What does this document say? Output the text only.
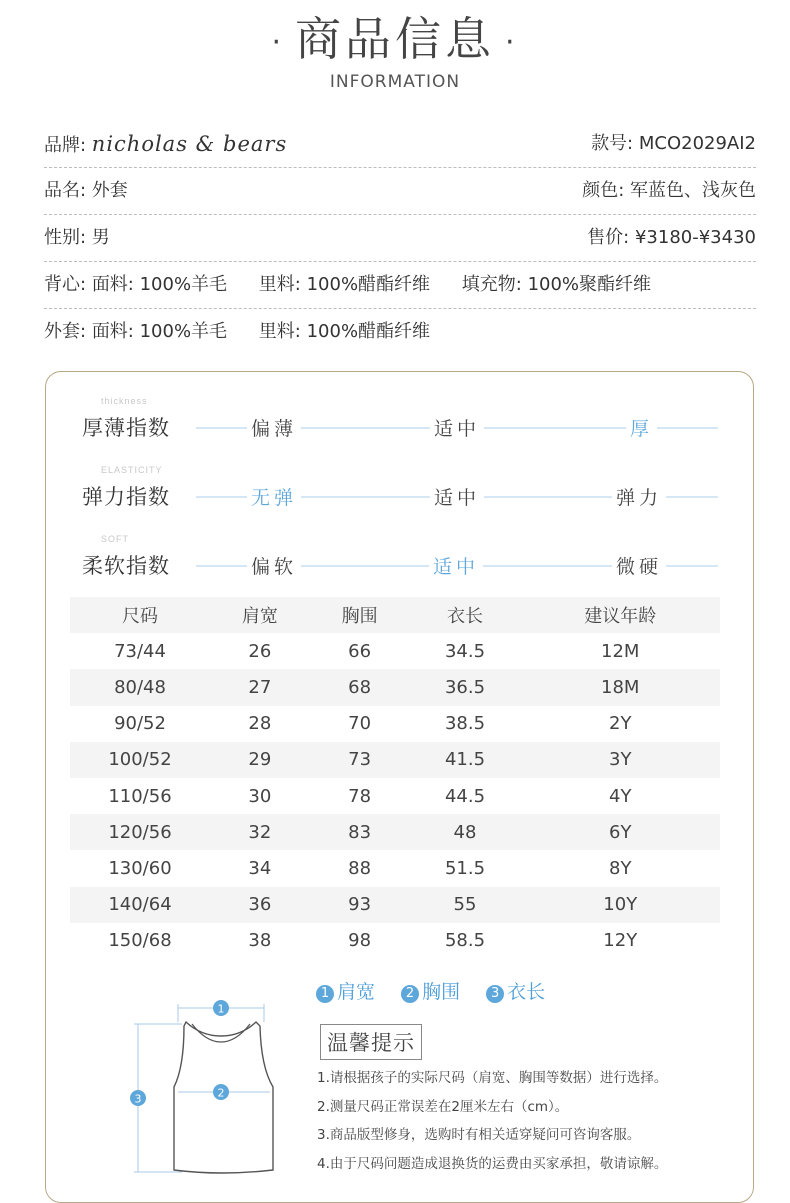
· 商品信息 ·
INFORMATION
品牌: nicholas & bears	款号: MCO2029AI2
品名: 外套	颜色: 军蓝色、浅灰色
性别: 男	售价: ¥3180-¥3430
背心: 面料: 100%羊毛 里料: 100%醋酯纤维 填充物: 100%聚酯纤维
外套: 面料: 100%羊毛 里料: 100%醋酯纤维
thickness
厚薄指数	偏薄	适中	厚
ELASTICITY
弹力指数	无弹	适中	弹力
SOFT
柔软指数	偏软	适中	微硬
尺码	肩宽	胸围	衣长	建议年龄
73/44	26	66	34.5	12M
80/48	27	68	36.5	18M
90/52	28	70	38.5	2Y
100/52	29	73	41.5	3Y
110/56	30	78	44.5	4Y
120/56	32	83	48	6Y
130/60	34	88	51.5	8Y
140/64	36	93	55	10Y
150/68	38	98	58.5	12Y
1 肩宽 2 胸围 3 衣长
1
2
3
温馨提示
1.请根据孩子的实际尺码（肩宽、胸围等数据）进行选择。
2.测量尺码正常误差在2厘米左右（cm）。
3.商品版型修身，选购时有相关适穿疑问可咨询客服。
4.由于尺码问题造成退换货的运费由买家承担，敬请谅解。
